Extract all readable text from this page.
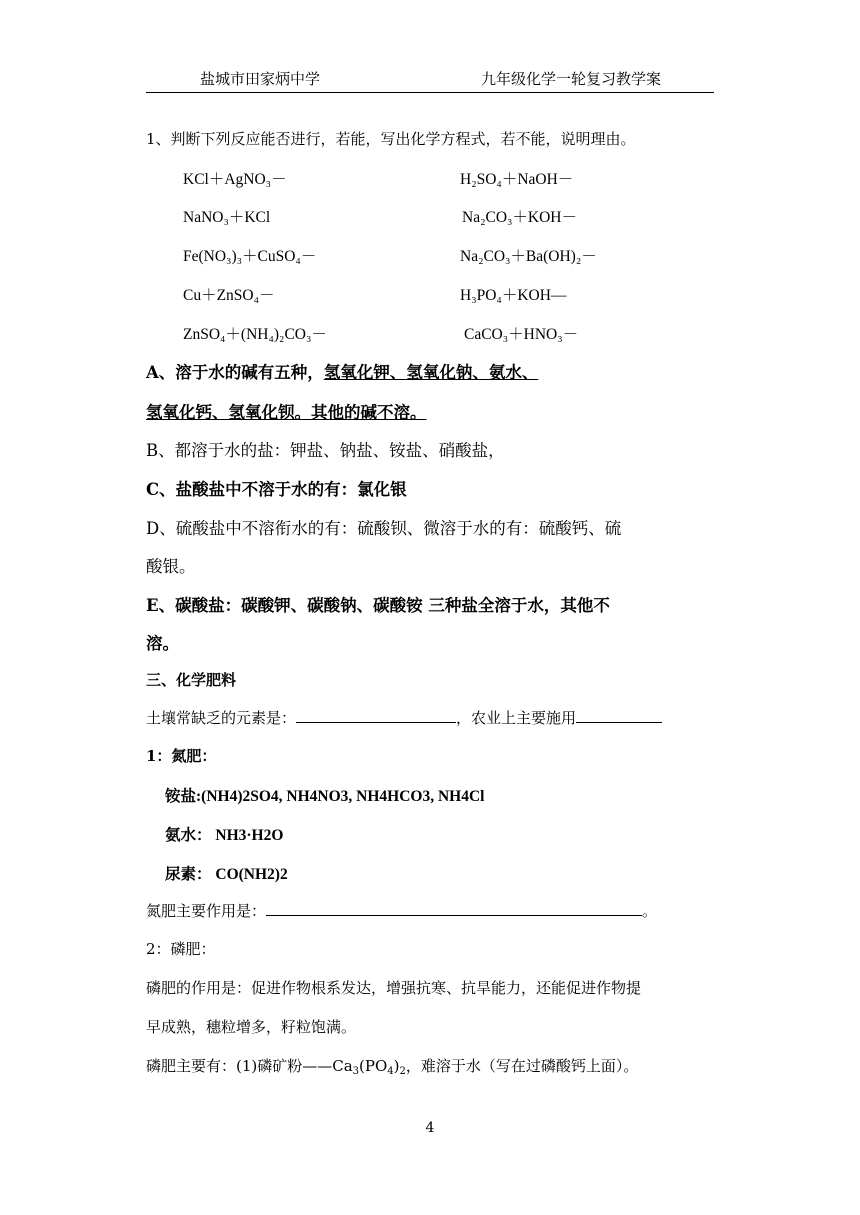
盐城市田家炳中学	九年级化学一轮复习教学案
1、判断下列反应能否进行，若能，写出化学方程式，若不能，说明理由。
KCl＋AgNO₃－	H₂SO₄＋NaOH－
NaNO₃＋KCl	Na₂CO₃＋KOH－
Fe(NO₃)₃＋CuSO₄－	Na₂CO₃＋Ba(OH)₂－
Cu＋ZnSO₄－	H₃PO₄＋KOH—
ZnSO₄＋(NH₄)₂CO₃－	CaCO₃＋HNO₃－
A、溶于水的碱有五种，氢氧化钾、氢氧化钠、氨水、
氢氧化钙、氢氧化钡。其他的碱不溶。
B、都溶于水的盐：钾盐、钠盐、铵盐、硝酸盐，
C、盐酸盐中不溶于水的有：氯化银
D、硫酸盐中不溶衔水的有：硫酸钡、微溶于水的有：硫酸钙、硫
酸银。
E、碳酸盐：碳酸钾、碳酸钠、碳酸铵 三种盐全溶于水，其他不
溶。
三、化学肥料
土壤常缺乏的元素是：	，农业上主要施用
1：氮肥：
铵盐:(NH4)2SO4, NH4NO3, NH4HCO3, NH4Cl
氨水： NH3·H2O
尿素： CO(NH2)2
氮肥主要作用是：	。
2：磷肥：
磷肥的作用是：促进作物根系发达，增强抗寒、抗旱能力，还能促进作物提
早成熟，穗粒增多，籽粒饱满。
磷肥主要有：(1)磷矿粉$——Ca_3(PO_4)_2$，难溶于水（写在过磷酸钙上面）。
4
